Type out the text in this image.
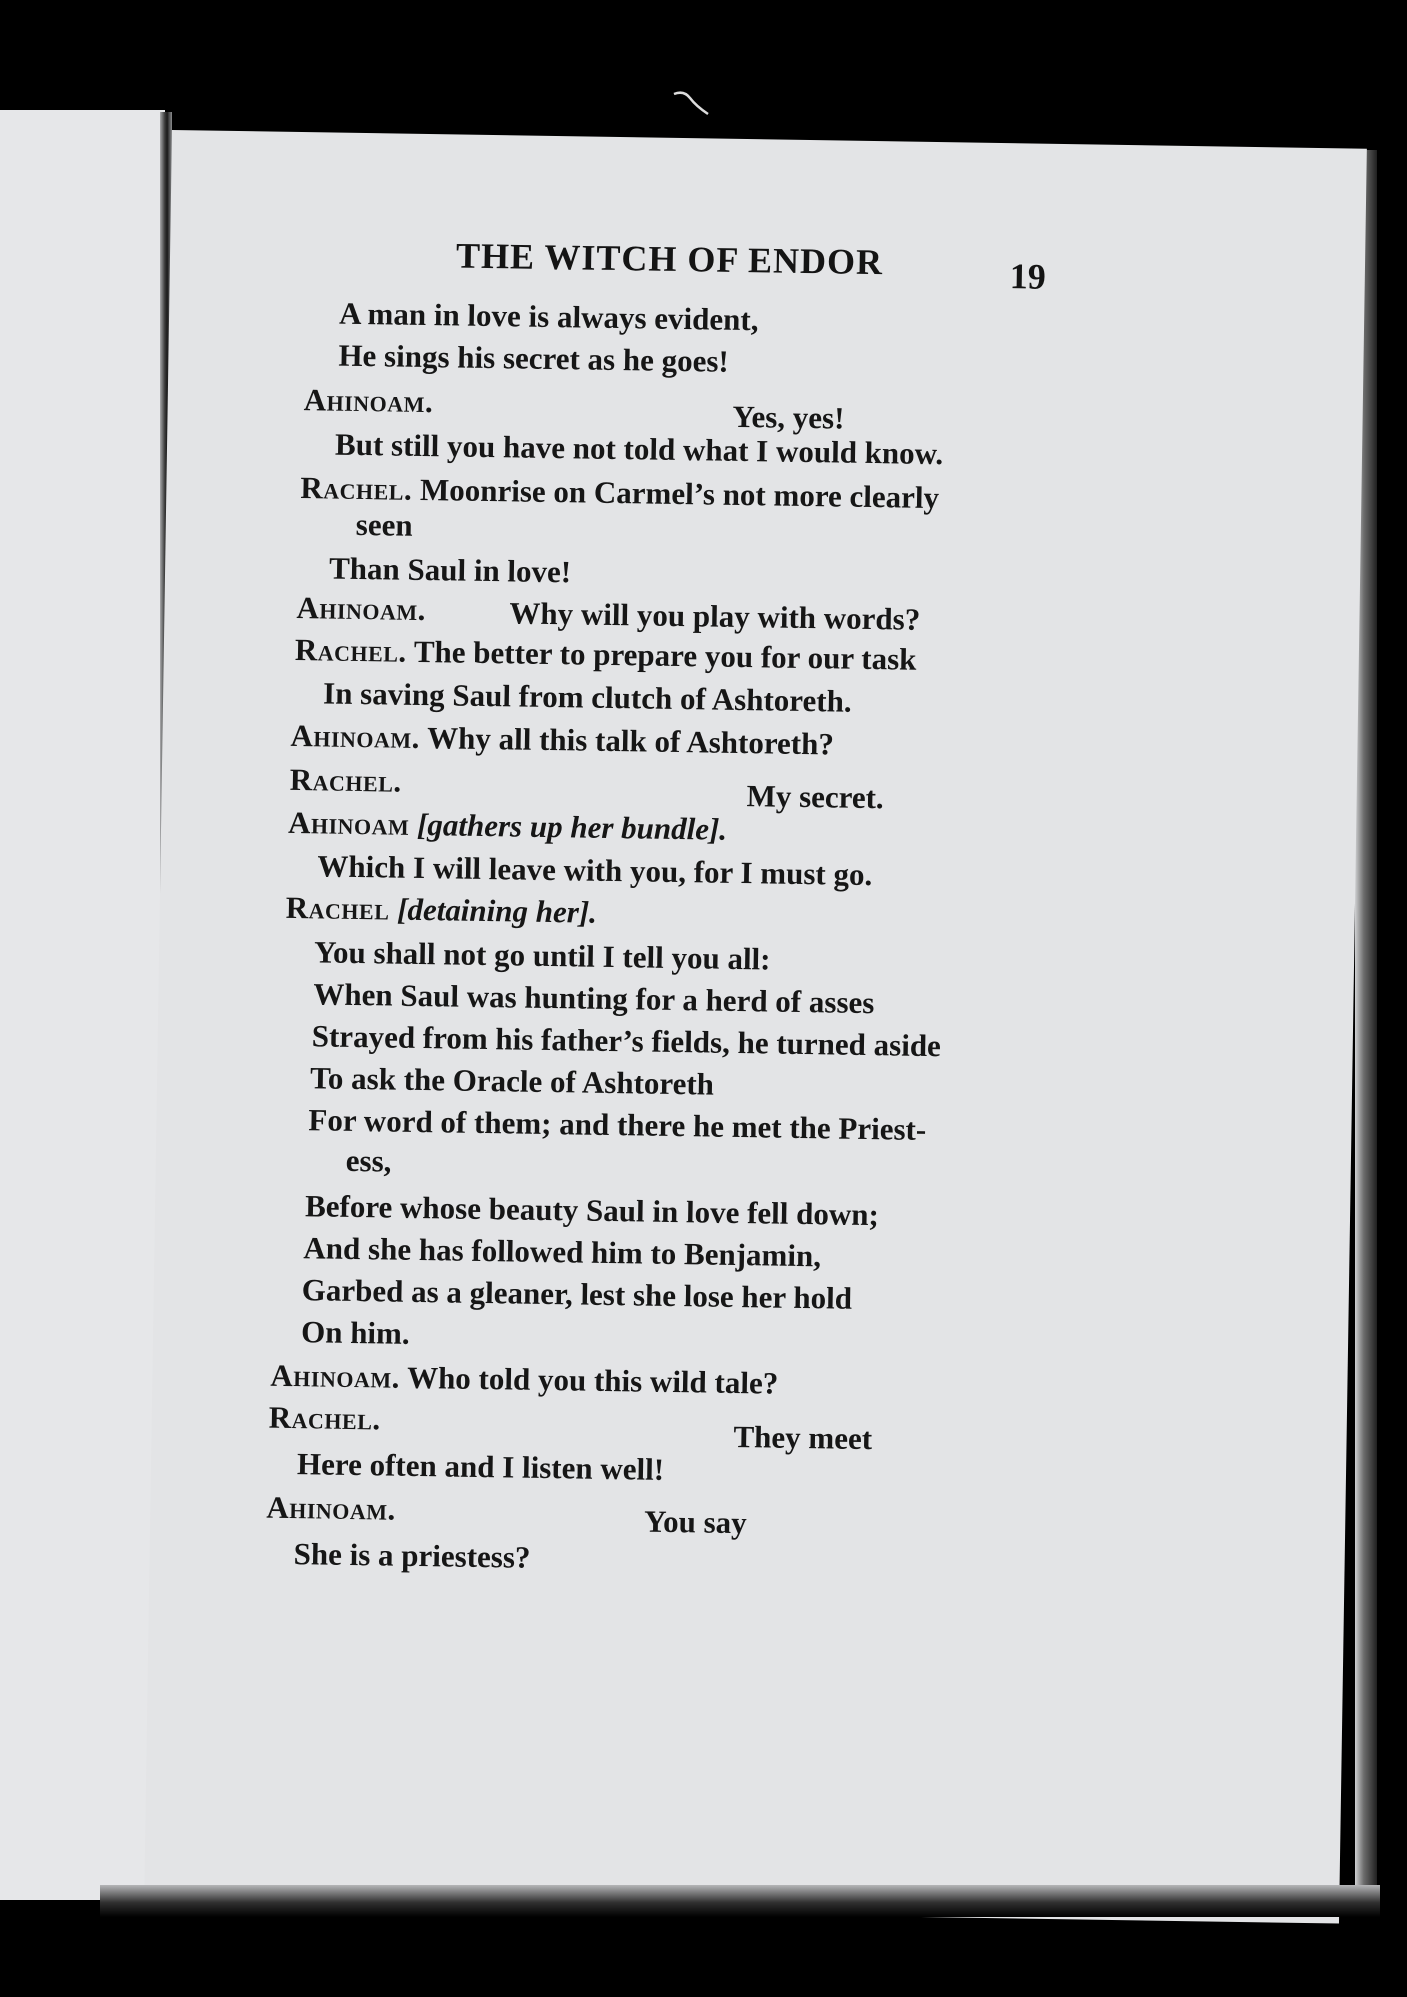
THE WITCH OF ENDOR	19
A man in love is always evident,
He sings his secret as he goes!
Ahinoam.	Yes, yes!
But still you have not told what I would know.
Rachel. Moonrise on Carmel’s not more clearly
seen
Than Saul in love!
Ahinoam.	Why will you play with words?
Rachel. The better to prepare you for our task
In saving Saul from clutch of Ashtoreth.
Ahinoam. Why all this talk of Ashtoreth?
Rachel.	My secret.
Ahinoam [gathers up her bundle].
Which I will leave with you, for I must go.
Rachel [detaining her].
You shall not go until I tell you all:
When Saul was hunting for a herd of asses
Strayed from his father’s fields, he turned aside
To ask the Oracle of Ashtoreth
For word of them; and there he met the Priest-
ess,
Before whose beauty Saul in love fell down;
And she has followed him to Benjamin,
Garbed as a gleaner, lest she lose her hold
On him.
Ahinoam. Who told you this wild tale?
Rachel.
They meet
Here often and I listen well!
Ahinoam.	You say
She is a priestess?
